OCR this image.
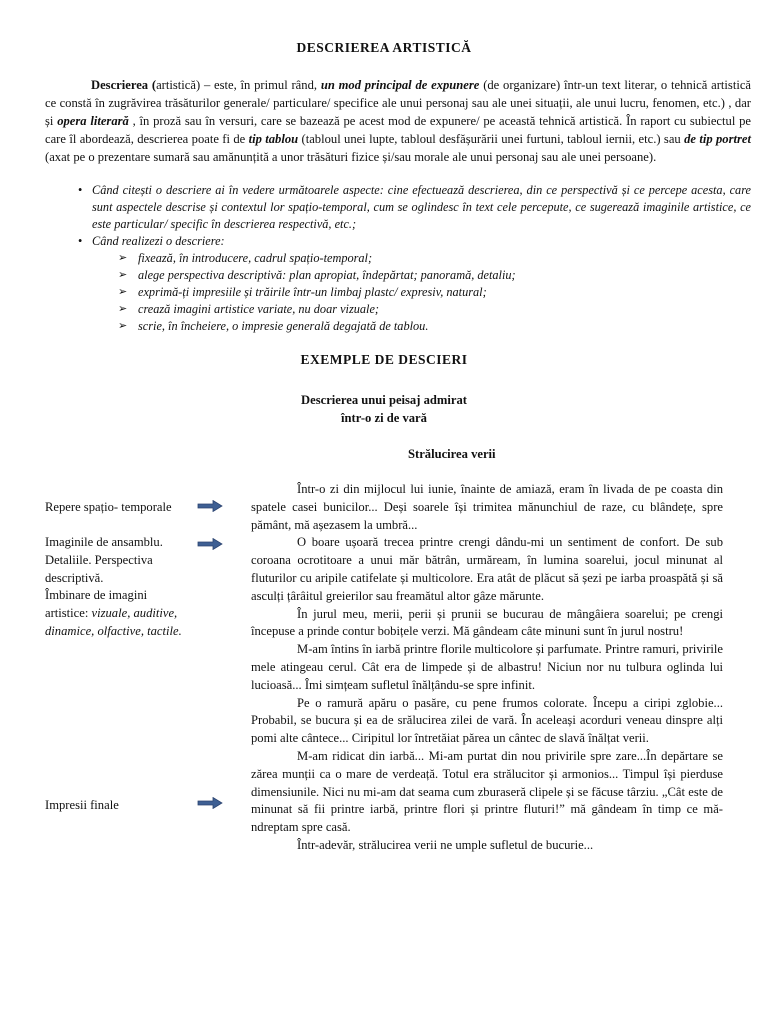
DESCRIEREA ARTISTICĂ
Descrierea (artistică) – este, în primul rând, un mod principal de expunere (de organizare) într-un text literar, o tehnică artistică ce constă în zugrăvirea trăsăturilor generale/ particulare/ specifice ale unui personaj sau ale unei situații, ale unui lucru, fenomen, etc.) , dar și opera literară , în proză sau în versuri, care se bazează pe acest mod de expunere/ pe această tehnică artistică. În raport cu subiectul pe care îl abordează, descrierea poate fi de tip tablou (tabloul unei lupte, tabloul desfășurării unei furtuni, tabloul iernii, etc.) sau de tip portret (axat pe o prezentare sumară sau amănunțită a unor trăsături fizice și/sau morale ale unui personaj sau ale unei persoane).
• Când citești o descriere ai în vedere următoarele aspecte: cine efectuează descrierea, din ce perspectivă și ce percepe acesta, care sunt aspectele descrise și contextul lor spațio-temporal, cum se oglindesc în text cele percepute, ce sugerează imaginile artistice, ce este particular/ specific în descrierea respectivă, etc.;
• Când realizezi o descriere:
➢ fixează, în introducere, cadrul spațio-temporal;
➢ alege perspectiva descriptivă: plan apropiat, îndepărtat; panoramă, detaliu;
➢ exprimă-ți impresiile și trăirile într-un limbaj plastc/ expresiv, natural;
➢ crează imagini artistice variate, nu doar vizuale;
➢ scrie, în încheiere, o impresie generală degajată de tablou.
EXEMPLE DE DESCIERI
Descrierea unui peisaj admirat
într-o zi de vară
Strălucirea verii
Repere spațio- temporale
Imaginile de ansamblu.
Detaliile. Perspectiva
descriptivă.
Îmbinare de imagini
artistice: vizuale, auditive, dinamice, olfactive, tactile.
Impresii finale

Într-o zi din mijlocul lui iunie, înainte de amiază, eram în livada de pe coasta din spatele casei bunicilor... Deși soarele își trimitea mănunchiul de raze, cu blândețe, spre pământ, mă așezasem la umbră...

O boare ușoară trecea printre crengi dându-mi un sentiment de confort. De sub coroana ocrotitoare a unui măr bătrân, urmăream, în lumina soarelui, jocul minunat al fluturilor cu aripile catifelate și multicolore. Era atât de plăcut să șezi pe iarba proaspătă și să asculți țârâitul greierilor sau freamătul altor gâze mărunte.

În jurul meu, merii, perii și prunii se bucurau de mângâiera soarelui; pe crengi începuse a prinde contur bobițele verzi. Mă gândeam câte minuni sunt în jurul nostru!

M-am întins în iarbă printre florile multicolore și parfumate. Printre ramuri, privirile mele atingeau cerul. Cât era de limpede și de albastru! Niciun nor nu tulbura oglinda lui lucioasă... Îmi simțeam sufletul înălțându-se spre infinit.

Pe o ramură apăru o pasăre, cu pene frumos colorate. Începu a ciripi zglobie... Probabil, se bucura și ea de srălucirea zilei de vară. În aceleași acorduri veneau dinspre alți pomi alte cântece... Ciripitul lor întretăiat părea un cântec de slavă înălțat verii.

M-am ridicat din iarbă... Mi-am purtat din nou privirile spre zare...În depărtare se zărea munții ca o mare de verdeață. Totul era strălucitor și armonios... Timpul își pierduse dimensiunile. Nici nu mi-am dat seama cum zburaseră clipele și se făcuse târziu. „Cât este de minunat să fii printre iarbă, printre flori și printre fluturi!” mă gândeam în timp ce mă-ndreptam spre casă.

Într-adevăr, strălucirea verii ne umple sufletul de bucurie...
